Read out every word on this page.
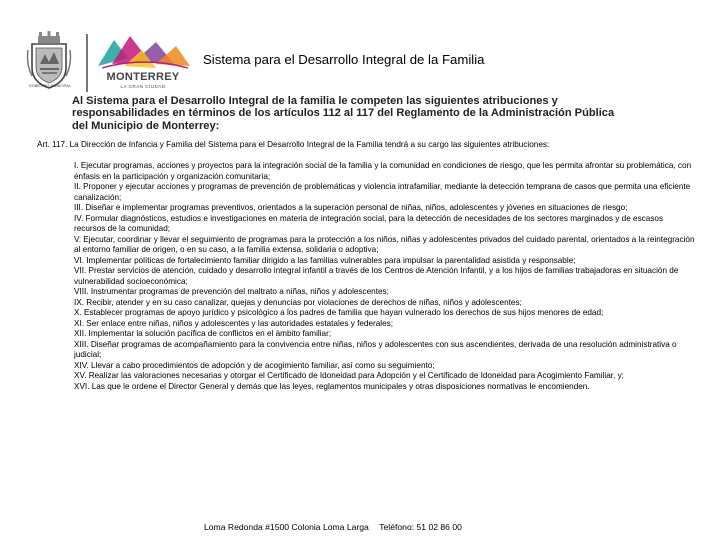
GOBIERNO MUNICIPAL
MONTERREY
LA GRAN CIUDAD
Sistema para el Desarrollo Integral de la Familia
Al Sistema para el Desarrollo Integral de la familia le competen las siguientes atribuciones y responsabilidades en términos de los artículos 112 al 117 del Reglamento de la Administración Pública del Municipio de Monterrey:
Art. 117. La Dirección de Infancia y Familia del Sistema para el Desarrollo Integral de la Familia tendrá a su cargo las siguientes atribuciones:

I. Ejecutar programas, acciones y proyectos para la integración social de la familia y la comunidad en condiciones de riesgo, que les permita afrontar su problemática, con énfasis en la participación y organización comunitaria;

II. Proponer y ejecutar acciones y programas de prevención de problemáticas y violencia intrafamiliar, mediante la detección temprana de casos que permita una eficiente canalización;

III. Diseñar e implementar programas preventivos, orientados a la superación personal de niñas, niños, adolescentes y jóvenes en situaciones de riesgo;

IV. Formular diagnósticos, estudios e investigaciones en materia de integración social, para la detección de necesidades de los sectores marginados y de escasos recursos de la comunidad;

V. Ejecutar, coordinar y llevar el seguimiento de programas para la protección a los niños, niñas y adolescentes privados del cuidado parental, orientados a la reintegración al entorno familiar de origen, o en su caso, a la familia extensa, solidaria o adoptiva;

VI. Implementar políticas de fortalecimiento familiar dirigido a las familias vulnerables para impulsar la parentalidad asistida y responsable;

VII. Prestar servicios de atención, cuidado y desarrollo integral infantil a través de los Centros de Atención Infantil, y a los hijos de familias trabajadoras en situación de vulnerabilidad socioeconómica;

VIII. Instrumentar programas de prevención del maltrato a niñas, niños y adolescentes;

IX. Recibir, atender y en su caso canalizar, quejas y denuncias por violaciones de derechos de niñas, niños y adolescentes;

X. Establecer programas de apoyo jurídico y psicológico a los padres de familia que hayan vulnerado los derechos de sus hijos menores de edad;

XI. Ser enlace entre niñas, niños y adolescentes y las autoridades estatales y federales;

XII. Implementar la solución pacífica de conflictos en el ámbito familiar;

XIII. Diseñar programas de acompañamiento para la convivencia entre niñas, niños y adolescentes con sus ascendientes, derivada de una resolución administrativa o judicial;

XIV. Llevar a cabo procedimientos de adopción y de acogimiento familiar, así como su seguimiento;

XV. Realizar las valoraciones necesarias y otorgar el Certificado de Idoneidad para Adopción y el Certificado de Idoneidad para Acogimiento Familiar, y;

XVI. Las que le ordene el Director General y demás que las leyes, reglamentos municipales y otras disposiciones normativas le encomienden.

Loma Redonda #1500 Colonia Loma Larga Teléfono: 51 02 86 00
